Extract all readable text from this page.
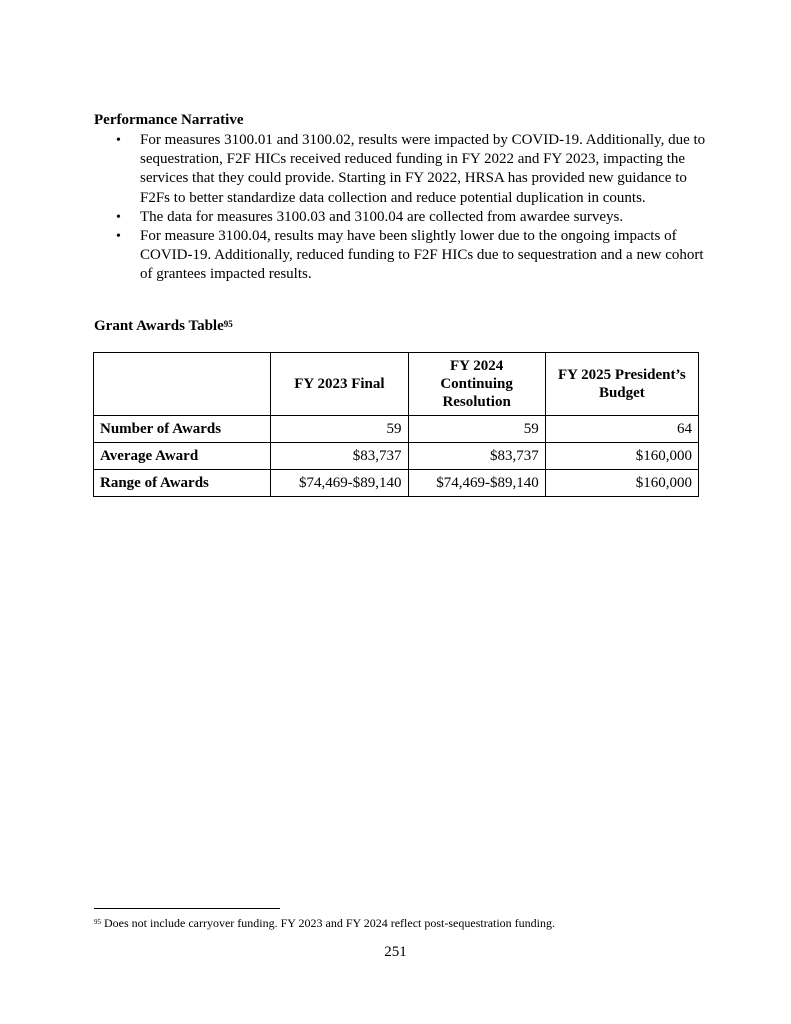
Performance Narrative
• For measures 3100.01 and 3100.02, results were impacted by COVID-19. Additionally, due to sequestration, F2F HICs received reduced funding in FY 2022 and FY 2023, impacting the services that they could provide. Starting in FY 2022, HRSA has provided new guidance to F2Fs to better standardize data collection and reduce potential duplication in counts.
• The data for measures 3100.03 and 3100.04 are collected from awardee surveys.
• For measure 3100.04, results may have been slightly lower due to the ongoing impacts of COVID-19. Additionally, reduced funding to F2F HICs due to sequestration and a new cohort of grantees impacted results.
Grant Awards Table$^{95}$
	FY 2023 Final	FY 2024 Continuing Resolution	FY 2025 President’s Budget
Number of Awards	59	59	64
Average Award	$83,737	$83,737	$160,000
Range of Awards	$74,469-$89,140	$74,469-$89,140	$160,000
$^{95}$ Does not include carryover funding. FY 2023 and FY 2024 reflect post-sequestration funding.
251
